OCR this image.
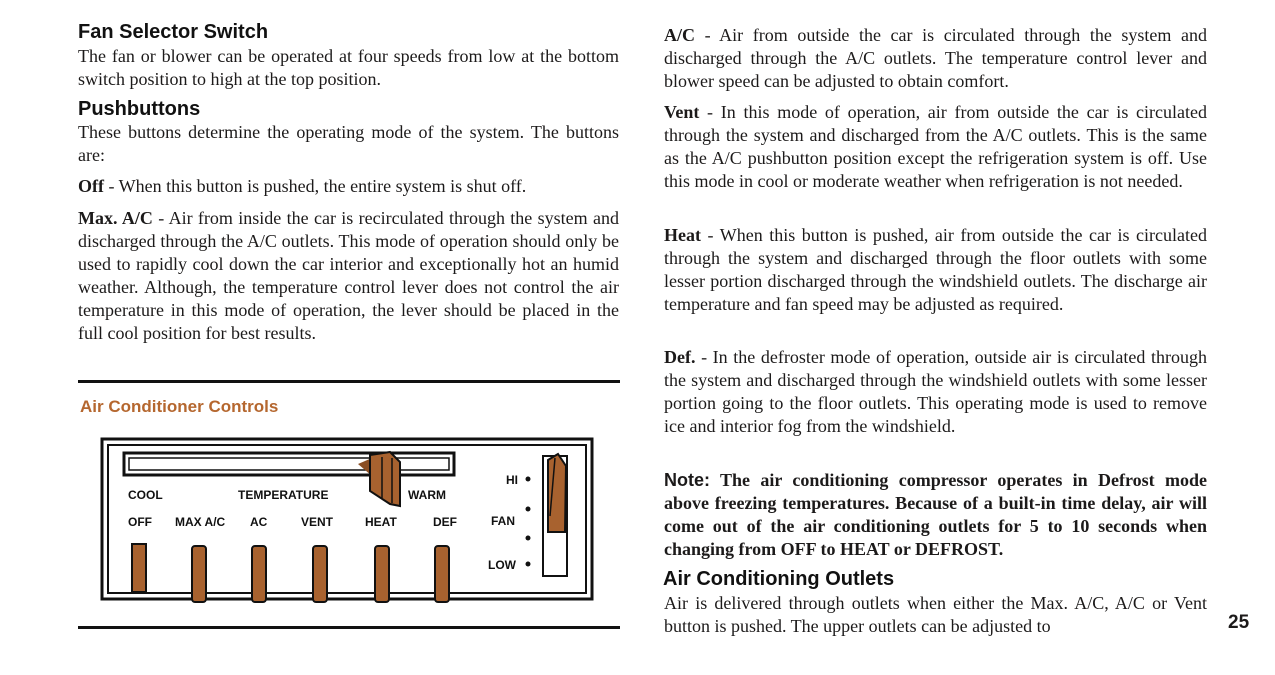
Fan Selector Switch

The fan or blower can be operated at four speeds from low at the bottom switch position to high at the top position.

Pushbuttons

These buttons determine the operating mode of the system. The buttons are:

Off - When this button is pushed, the entire system is shut off.

Max. A/C - Air from inside the car is recirculated through the system and discharged through the A/C outlets. This mode of operation should only be used to rapidly cool down the car interior and exceptionally hot an humid weather. Although, the temperature control lever does not control the air temperature in this mode of operation, the lever should be placed in the full cool position for best results.

Air Conditioner Controls
COOL	TEMPERATURE	WARM
OFF MAX A/C AC	VENT	HEAT	DEF
HI
FAN
LOW

A/C - Air from outside the car is circulated through the system and discharged through the A/C outlets. The temperature control lever and blower speed can be adjusted to obtain comfort.

Vent - In this mode of operation, air from outside the car is circulated through the system and discharged from the A/C outlets. This is the same as the A/C pushbutton position except the refrigeration system is off. Use this mode in cool or moderate weather when refrigeration is not needed.

Heat - When this button is pushed, air from outside the car is circulated through the system and discharged through the floor outlets with some lesser portion discharged through the windshield outlets. The discharge air temperature and fan speed may be adjusted as required.

Def. - In the defroster mode of operation, outside air is circulated through the system and discharged through the windshield outlets with some lesser portion going to the floor outlets. This operating mode is used to remove ice and interior fog from the windshield.

Note: The air conditioning compressor operates in Defrost mode above freezing temperatures. Because of a built-in time delay, air will come out of the air conditioning outlets for 5 to 10 seconds when changing from OFF to HEAT or DEFROST.

Air Conditioning Outlets

Air is delivered through outlets when either the Max. A/C, A/C or Vent button is pushed. The upper outlets can be adjusted to	25
